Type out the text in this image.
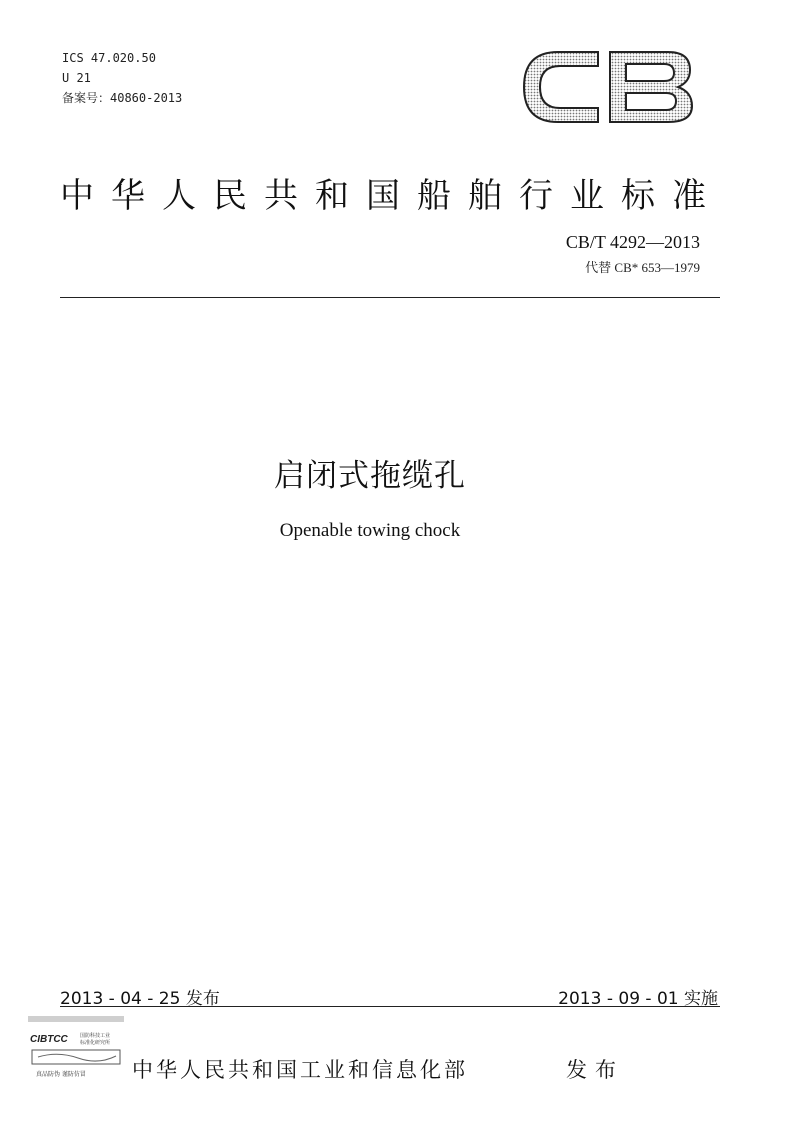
ICS 47.020.50
U 21
备案号：40860-2013
中华人民共和国船舶行业标准
CB/T 4292—2013
代替 CB* 653—1979
启闭式拖缆孔
Openable towing chock
2013 - 04 - 25 发布	2013 - 09 - 01 实施
CIBTCC 国防科技工业
标准化研究所
真品防伪 谨防仿冒 中华人民共和国工业和信息化部	发布
